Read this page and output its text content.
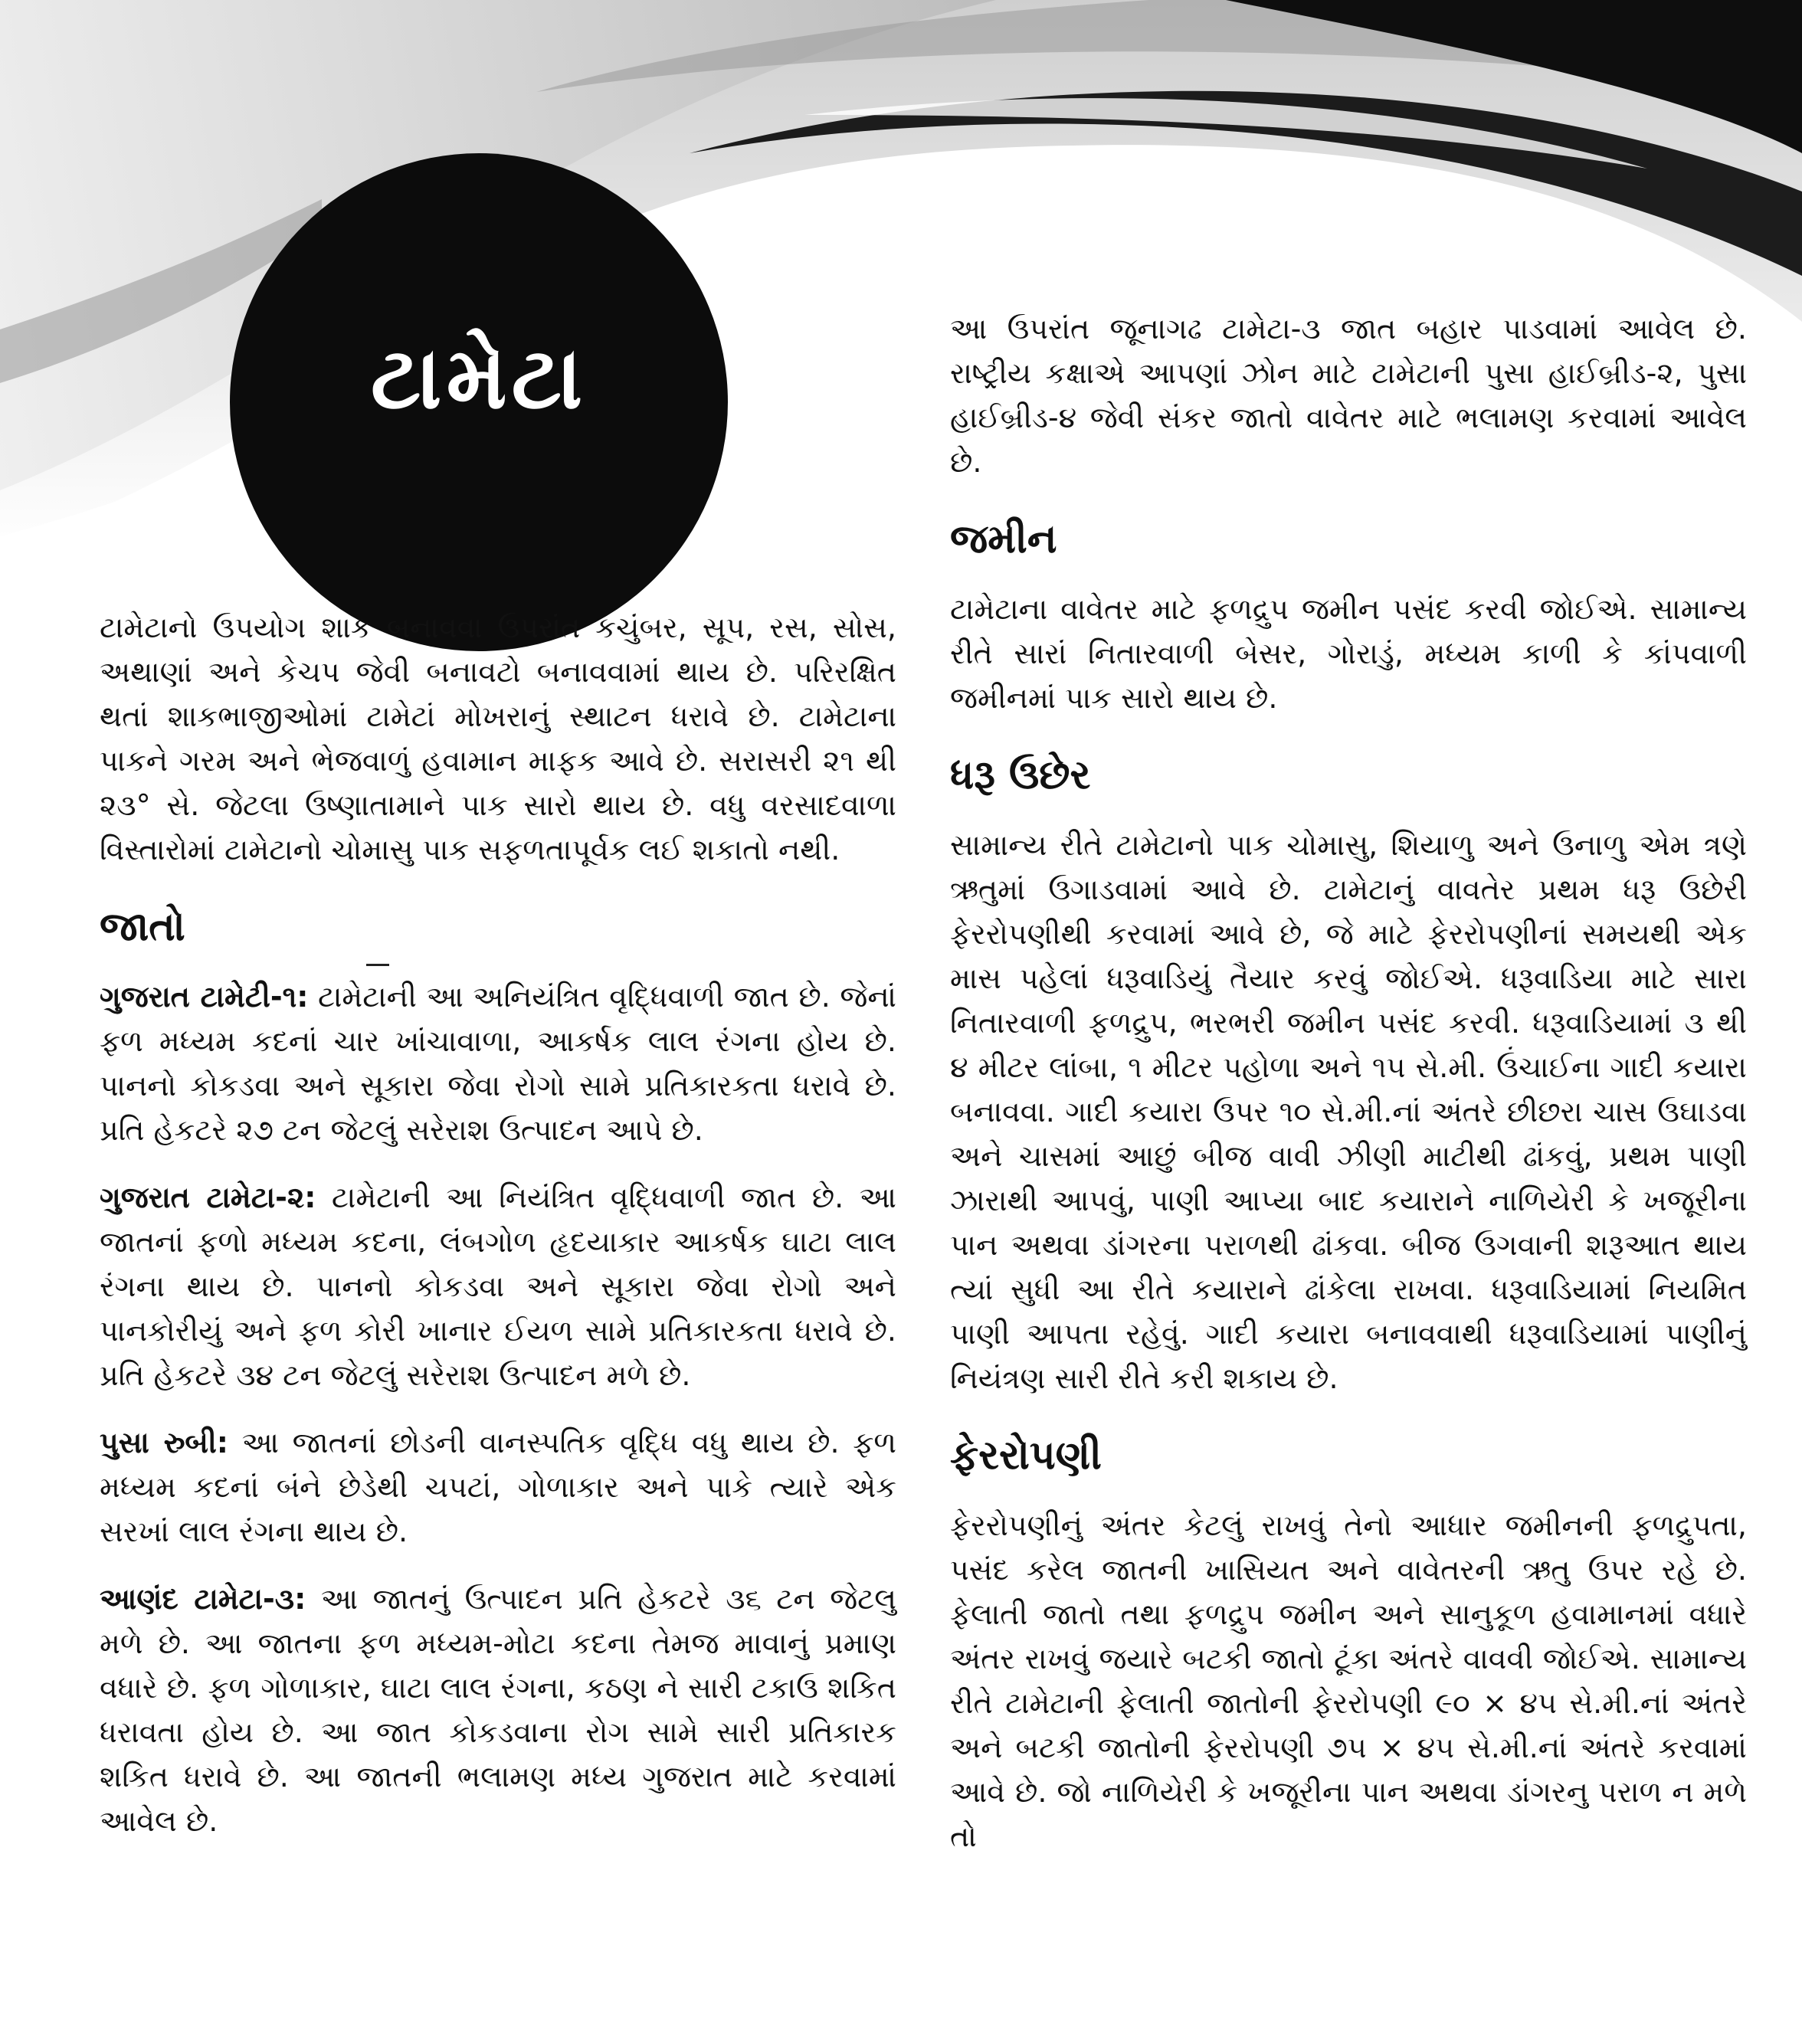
ટામેટા

ટામેટાનો ઉપયોગ શાક બનાવવા ઉપરાંત કચુંબર, સૂપ, રસ, સોસ, અથાણાં અને કેચપ જેવી બનાવટો બનાવવામાં થાય છે. પરિરક્ષિત થતાં શાકભાજીઓમાં ટામેટાં મોખરાનું સ્થાટન ધરાવે છે. ટામેટાના પાકને ગરમ અને ભેજવાળું હવામાન માફક આવે છે. સરાસરી ૨૧ થી ૨૩° સે. જેટલા ઉષ્ણાતામાને પાક સારો થાય છે. વધુ વરસાદવાળા વિસ્તારોમાં ટામેટાનો ચોમાસુ પાક સફળતાપૂર્વક લઈ શકાતો નથી.

જાતો

ગુજરાત ટામેટી-૧: ટામેટાની આ અનિયંત્રિત વૃદ્ધિવાળી જાત છે. જેનાં ફળ મધ્યમ કદનાં ચાર ખાંચાવાળા, આકર્ષક લાલ રંગના હોય છે. પાનનો કોકડવા અને સૂકારા જેવા રોગો સામે પ્રતિકારકતા ધરાવે છે. પ્રતિ હેકટરે ૨૭ ટન જેટલું સરેરાશ ઉત્પાદન આપે છે.

ગુજરાત ટામેટા-૨: ટામેટાની આ નિયંત્રિત વૃદ્ધિવાળી જાત છે. આ જાતનાં ફળો મધ્યમ કદના, લંબગોળ હૃદયાકાર આકર્ષક ઘાટા લાલ રંગના થાય છે. પાનનો કોકડવા અને સૂકારા જેવા રોગો અને પાનકોરીયું અને ફળ કોરી ખાનાર ઈયળ સામે પ્રતિકારકતા ધરાવે છે. પ્રતિ હેકટરે ૩૪ ટન જેટલું સરેરાશ ઉત્પાદન મળે છે.

પુસા રુબી: આ જાતનાં છોડની વાનસ્પતિક વૃદ્ધિ વધુ થાય છે. ફળ મધ્યમ કદનાં બંને છેડેથી ચપટાં, ગોળાકાર અને પાકે ત્યારે એક સરખાં લાલ રંગના થાય છે.

આણંદ ટામેટા-૩: આ જાતનું ઉત્પાદન પ્રતિ હેકટરે ૩૬ ટન જેટલુ મળે છે. આ જાતના ફળ મધ્યમ-મોટા કદના તેમજ માવાનું પ્રમાણ વધારે છે. ફળ ગોળાકાર, ઘાટા લાલ રંગના, કઠણ ને સારી ટકાઉ શકિત ધરાવતા હોય છે. આ જાત કોકડવાના રોગ સામે સારી પ્રતિકારક શકિત ધરાવે છે. આ જાતની ભલામણ મધ્ય ગુજરાત માટે કરવામાં આવેલ છે.

આ ઉપરાંત જૂનાગઢ ટામેટા-૩ જાત બહાર પાડવામાં આવેલ છે. રાષ્ટ્રીય કક્ષાએ આપણાં ઝોન માટે ટામેટાની પુસા હાઈબ્રીડ-૨, પુસા હાઈબ્રીડ-૪ જેવી સંકર જાતો વાવેતર માટે ભલામણ કરવામાં આવેલ છે.

જમીન

ટામેટાના વાવેતર માટે ફળદ્રુપ જમીન પસંદ કરવી જોઈએ. સામાન્ય રીતે સારાં નિતારવાળી બેસર, ગોરાડું, મધ્યમ કાળી કે કાંપવાળી જમીનમાં પાક સારો થાય છે.

ધરૂ ઉછેર

સામાન્ય રીતે ટામેટાનો પાક ચોમાસુ, શિયાળુ અને ઉનાળુ એમ ત્રણે ઋતુમાં ઉગાડવામાં આવે છે. ટામેટાનું વાવતેર પ્રથમ ધરૂ ઉછેરી ફેરરોપણીથી કરવામાં આવે છે, જે માટે ફેરરોપણીનાં સમયથી એક માસ પહેલાં ધરૂવાડિયું તૈયાર કરવું જોઈએ. ધરૂવાડિયા માટે સારા નિતારવાળી ફળદ્રુપ, ભરભરી જમીન પસંદ કરવી. ધરૂવાડિયામાં ૩ થી ૪ મીટર લાંબા, ૧ મીટર પહોળા અને ૧૫ સે.મી. ઉંચાઈના ગાદી કયારા બનાવવા. ગાદી કયારા ઉપર ૧૦ સે.મી.નાં અંતરે છીછરા ચાસ ઉઘાડવા અને ચાસમાં આછું બીજ વાવી ઝીણી માટીથી ઢાંકવું, પ્રથમ પાણી ઝારાથી આપવું, પાણી આપ્યા બાદ કયારાને નાળિયેરી કે ખજૂરીના પાન અથવા ડાંગરના પરાળથી ઢાંકવા. બીજ ઉગવાની શરૂઆત થાય ત્યાં સુધી આ રીતે કયારાને ઢાંકેલા રાખવા. ધરૂવાડિયામાં નિયમિત પાણી આપતા રહેવું. ગાદી કયારા બનાવવાથી ધરૂવાડિયામાં પાણીનું નિયંત્રણ સારી રીતે કરી શકાય છે.

ફેરરોપણી

ફેરરોપણીનું અંતર કેટલું રાખવું તેનો આધાર જમીનની ફળદ્રુપતા, પસંદ કરેલ જાતની ખાસિયત અને વાવેતરની ઋતુ ઉપર રહે છે. ફેલાતી જાતો તથા ફળદ્રુપ જમીન અને સાનુકૂળ હવામાનમાં વધારે અંતર રાખવું જયારે બટકી જાતો ટૂંકા અંતરે વાવવી જોઈએ. સામાન્ય રીતે ટામેટાની ફેલાતી જાતોની ફેરરોપણી ૯૦ × ૪૫ સે.મી.નાં અંતરે અને બટકી જાતોની ફેરરોપણી ૭૫ × ૪૫ સે.મી.નાં અંતરે કરવામાં આવે છે. જો નાળિયેરી કે ખજૂરીના પાન અથવા ડાંગરનુ પરાળ ન મળે તો
